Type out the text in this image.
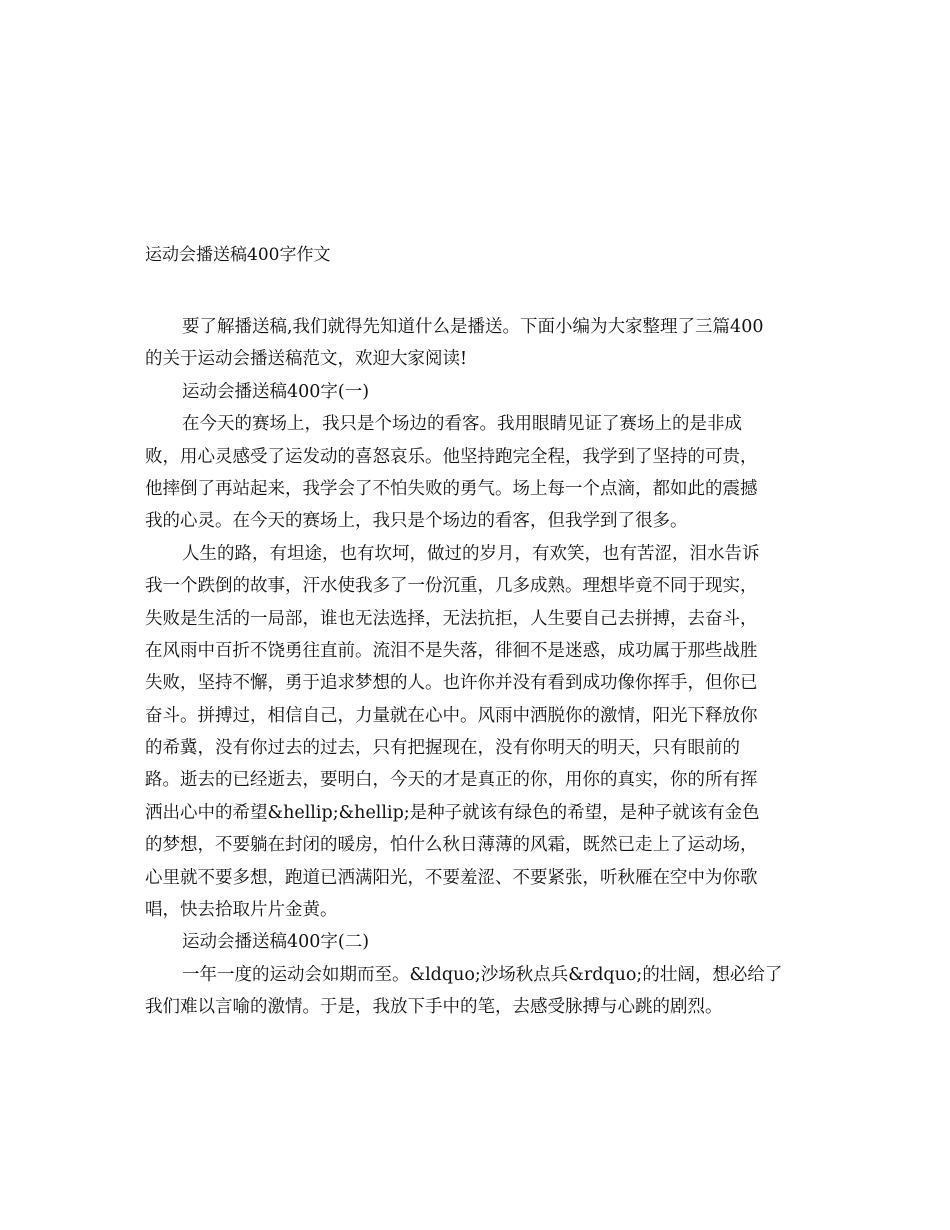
运动会播送稿400字作文
要了解播送稿,我们就得先知道什么是播送。下面小编为大家整理了三篇400
的关于运动会播送稿范文，欢迎大家阅读!
运动会播送稿400字(一)
在今天的赛场上，我只是个场边的看客。我用眼睛见证了赛场上的是非成
败，用心灵感受了运发动的喜怒哀乐。他坚持跑完全程，我学到了坚持的可贵，
他摔倒了再站起来，我学会了不怕失败的勇气。场上每一个点滴，都如此的震撼
我的心灵。在今天的赛场上，我只是个场边的看客，但我学到了很多。
人生的路，有坦途，也有坎坷，做过的岁月，有欢笑，也有苦涩，泪水告诉
我一个跌倒的故事，汗水使我多了一份沉重，几多成熟。理想毕竟不同于现实，
失败是生活的一局部，谁也无法选择，无法抗拒，人生要自己去拼搏，去奋斗，
在风雨中百折不饶勇往直前。流泪不是失落，徘徊不是迷惑，成功属于那些战胜
失败，坚持不懈，勇于追求梦想的人。也许你并没有看到成功像你挥手，但你已
奋斗。拼搏过，相信自己，力量就在心中。风雨中洒脱你的激情，阳光下释放你
的希冀，没有你过去的过去，只有把握现在，没有你明天的明天，只有眼前的
路。逝去的已经逝去，要明白，今天的才是真正的你，用你的真实，你的所有挥
洒出心中的希望&hellip;&hellip;是种子就该有绿色的希望，是种子就该有金色
的梦想，不要躺在封闭的暖房，怕什么秋日薄薄的风霜，既然已走上了运动场，
心里就不要多想，跑道已洒满阳光，不要羞涩、不要紧张，听秋雁在空中为你歌
唱，快去拾取片片金黄。
运动会播送稿400字(二)
一年一度的运动会如期而至。&ldquo;沙场秋点兵&rdquo;的壮阔，想必给了
我们难以言喻的激情。于是，我放下手中的笔，去感受脉搏与心跳的剧烈。
